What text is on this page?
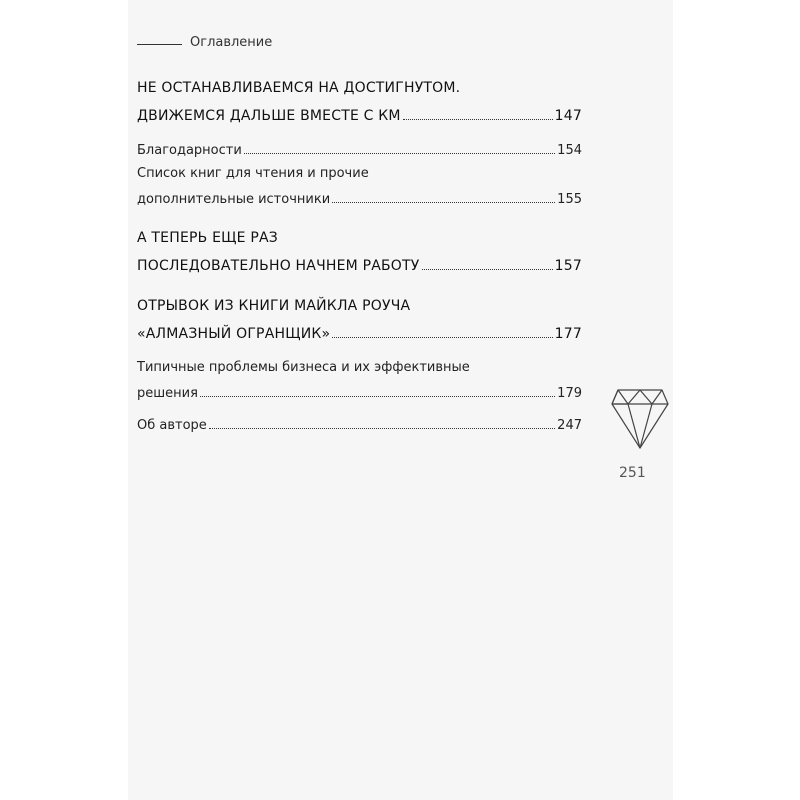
Оглавление
НЕ ОСТАНАВЛИВАЕМСЯ НА ДОСТИГНУТОМ.
ДВИЖЕМСЯ ДАЛЬШЕ ВМЕСТЕ С КМ	147
Благодарности	154
Список книг для чтения и прочие
дополнительные источники	155
А ТЕПЕРЬ ЕЩЕ РАЗ
ПОСЛЕДОВАТЕЛЬНО НАЧНЕМ РАБОТУ	157
ОТРЫВОК ИЗ КНИГИ МАЙКЛА РОУЧА
«АЛМАЗНЫЙ ОГРАНЩИК»	177
Типичные проблемы бизнеса и их эффективные
решения	179
Об авторе	247
251
